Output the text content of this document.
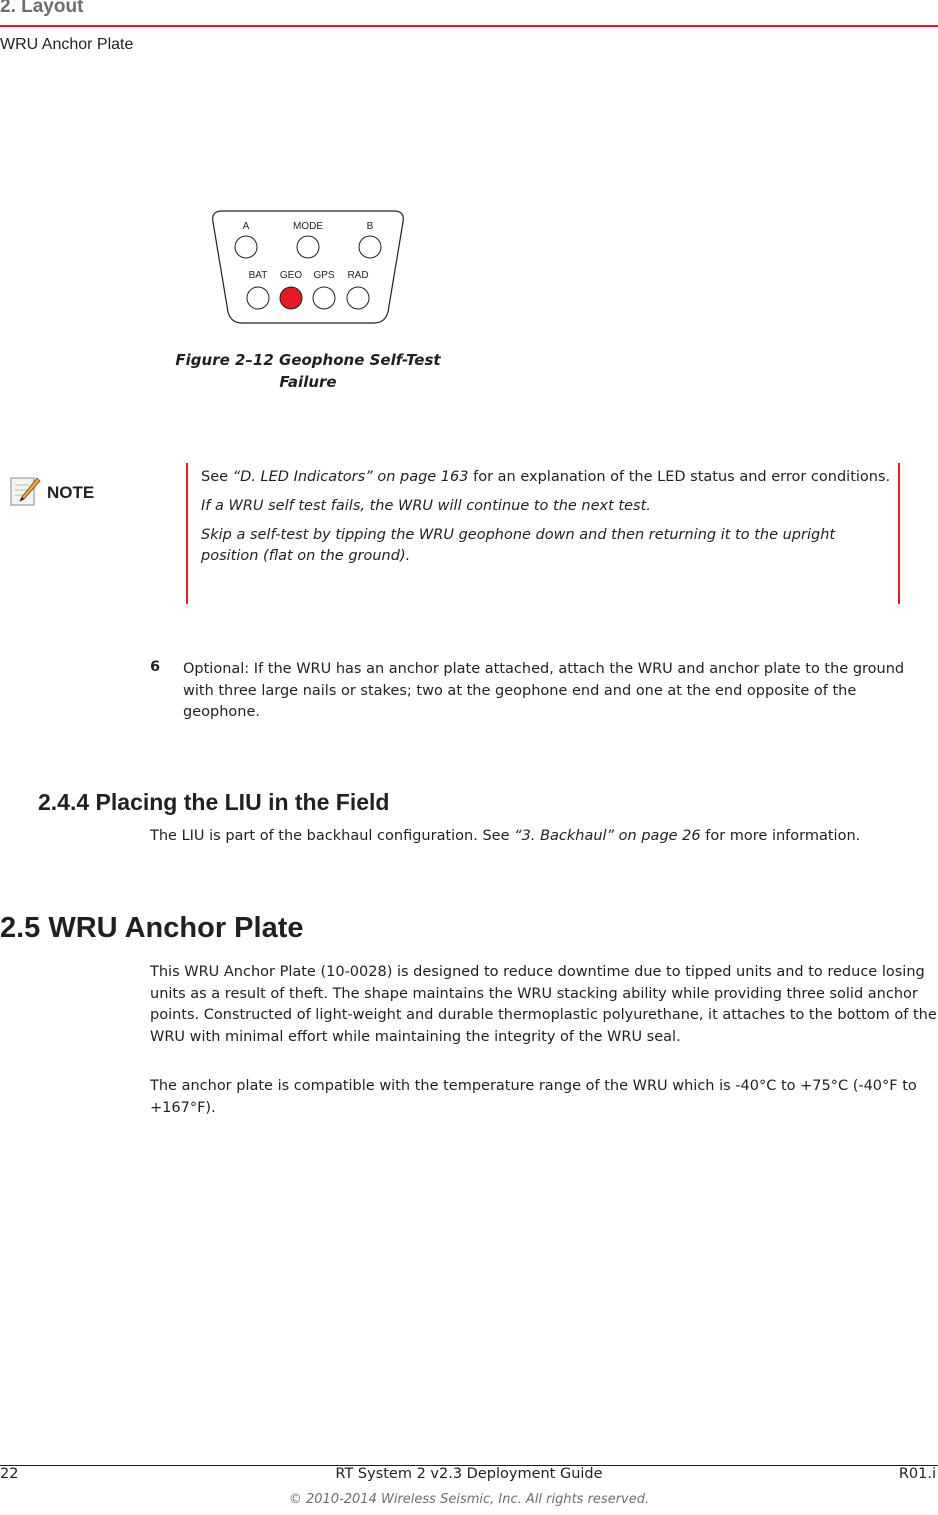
2. Layout
WRU Anchor Plate
A	MODE	B
BAT GEO GPS RAD
Figure 2–12 Geophone Self-Test
Failure
NOTE

See “D. LED Indicators” on page 163 for an explanation of the LED status and error conditions.

If a WRU self test fails, the WRU will continue to the next test.

Skip a self-test by tipping the WRU geophone down and then returning it to the upright position (flat on the ground).

6 Optional: If the WRU has an anchor plate attached, attach the WRU and anchor plate to the ground with three large nails or stakes; two at the geophone end and one at the end opposite of the geophone.
2.4.4 Placing the LIU in the Field
The LIU is part of the backhaul configuration. See “3. Backhaul” on page 26 for more information.
2.5 WRU Anchor Plate
This WRU Anchor Plate (10-0028) is designed to reduce downtime due to tipped units and to reduce losing units as a result of theft. The shape maintains the WRU stacking ability while providing three solid anchor points. Constructed of light-weight and durable thermoplastic polyurethane, it attaches to the bottom of the WRU with minimal effort while maintaining the integrity of the WRU seal.
The anchor plate is compatible with the temperature range of the WRU which is -40°C to +75°C (-40°F to +167°F).
22	RT System 2 v2.3 Deployment Guide	R01.i
© 2010-2014 Wireless Seismic, Inc. All rights reserved.
